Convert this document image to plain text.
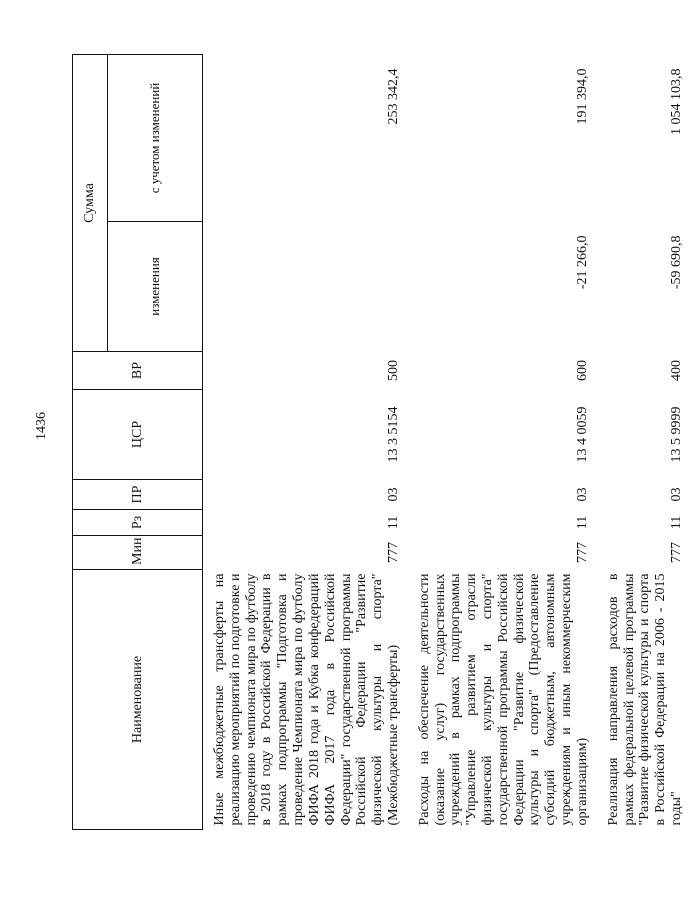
1436
Наименование	Мин	Рз	ПР	ЦСР	ВР	Сумма	
						изменения	с учетом изменений
Иные межбюджетные трансферты на реализацию мероприятий по подготовке и проведению чемпионата мира по футболу в 2018 году в Российской Федерации в рамках подпрограммы "Подготовка и проведение Чемпионата мира по футболу ФИФА 2018 года и Кубка конфедераций ФИФА 2017 года в Российской Федерации" государственной программы Российской Федерации "Развитие физической культуры и спорта" (Межбюджетные трансферты)	777	11	03	13 3 5154	500		253 342,4
Расходы на обеспечение деятельности (оказание услуг) государственных учреждений в рамках подпрограммы "Управление развитием отрасли физической культуры и спорта" государственной программы Российской Федерации "Развитие физической культуры и спорта" (Предоставление субсидий бюджетным, автономным учреждениям и иным некоммерческим организациям)	777	11	03	13 4 0059	600	-21 266,0	191 394,0
Реализация направления расходов в рамках федеральной целевой программы "Развитие физической культуры и спорта в Российской Федерации на 2006 - 2015 годы"	777	11	03	13 5 9999	400	-59 690,8	1 054 103,8
